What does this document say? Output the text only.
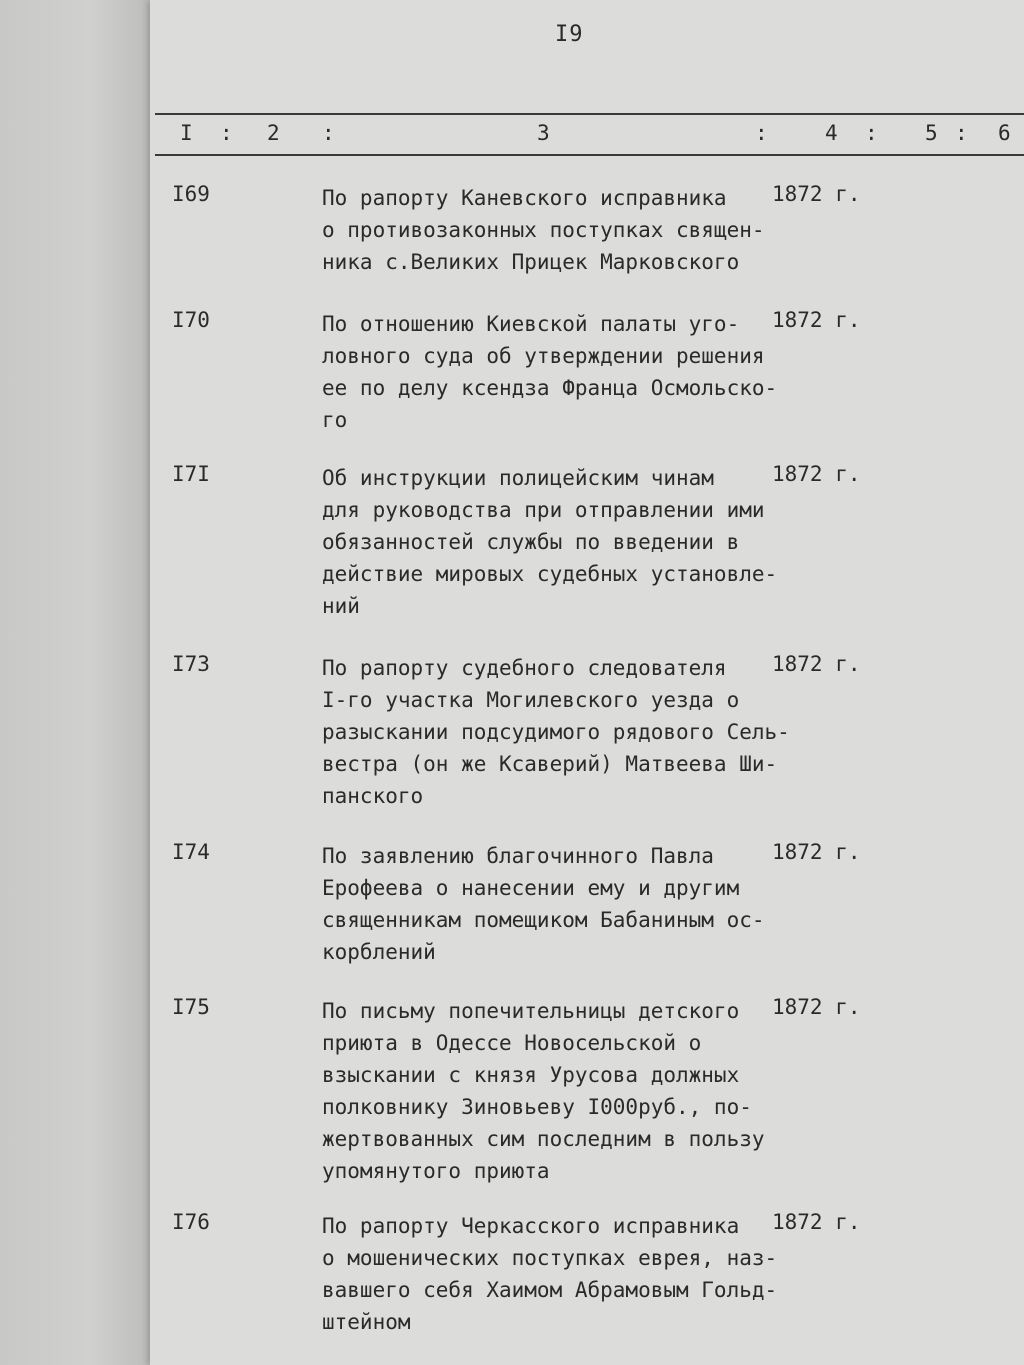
I9
I : 2 :	3	:	4 : 5 : 6
I69	По рапорту Каневского исправника
о противозаконных поступках священ-
ника с.Великих Прицек Марковского
1872 г.
I70	По отношению Киевской палаты уго-
ловного суда об утверждении решения
ее по делу ксендза Франца Осмольско-
го
1872 г.
I7I	Об инструкции полицейским чинам
для руководства при отправлении ими
обязанностей службы по введении в
действие мировых судебных установле-
ний
1872 г.
I73	По рапорту судебного следователя
I-го участка Могилевского уезда о
разыскании подсудимого рядового Сель-
вестра (он же Ксаверий) Матвеева Ши-
панского
1872 г.
I74	По заявлению благочинного Павла
Ерофеева о нанесении ему и другим
священникам помещиком Бабаниным ос-
корблений
1872 г.
I75	По письму попечительницы детского
приюта в Одессе Новосельской о
взыскании с князя Урусова должных
полковнику Зиновьеву I000руб., по-
жертвованных сим последним в пользу
упомянутого приюта
1872 г.
I76	По рапорту Черкасского исправника
о мошенических поступках еврея, наз-
вавшего себя Хаимом Абрамовым Гольд-
штейном
1872 г.
